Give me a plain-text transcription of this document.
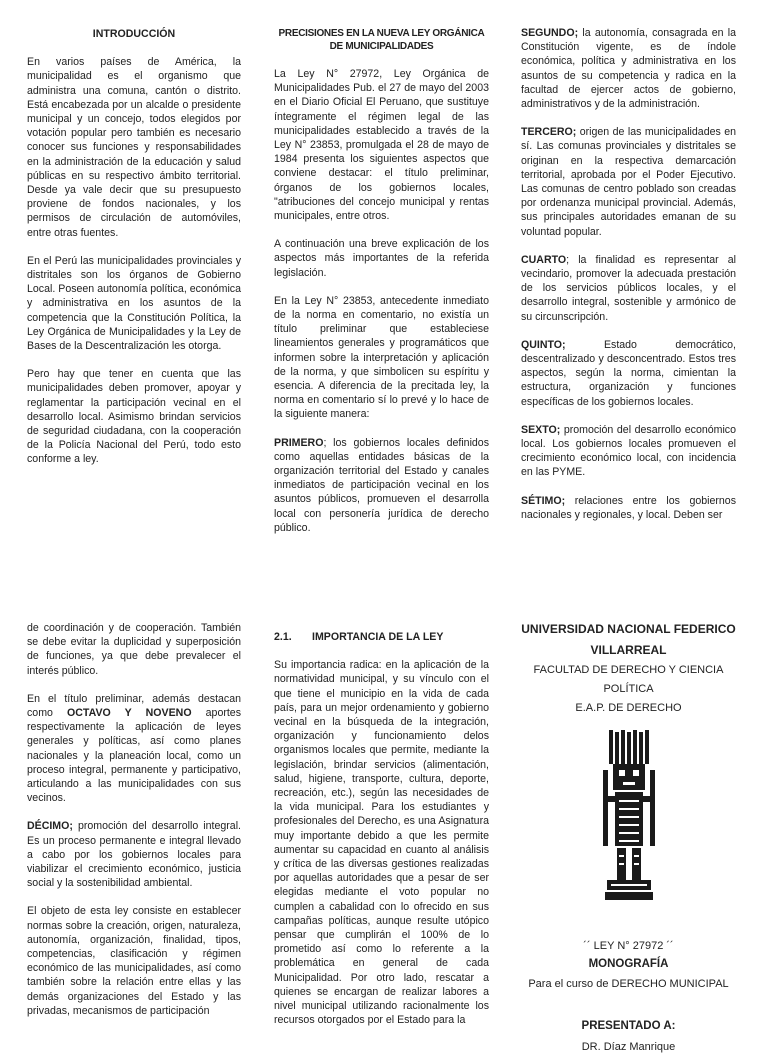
INTRODUCCIÓN

En varios países de América, la municipalidad es el organismo que administra una comuna, cantón o distrito. Está encabezada por un alcalde o presidente municipal y un concejo, todos elegidos por votación popular pero también es necesario conocer sus funciones y responsabilidades en la administración de la educación y salud públicas en su respectivo ámbito territorial. Desde ya vale decir que su presupuesto proviene de fondos nacionales, y los permisos de circulación de automóviles, entre otras fuentes.

En el Perú las municipalidades provinciales y distritales son los órganos de Gobierno Local. Poseen autonomía política, económica y administrativa en los asuntos de la competencia que la Constitución Política, la Ley Orgánica de Municipalidades y la Ley de Bases de la Descentralización les otorga.

Pero hay que tener en cuenta que las municipalidades deben promover, apoyar y reglamentar la participación vecinal en el desarrollo local. Asimismo brindan servicios de seguridad ciudadana, con la cooperación de la Policía Nacional del Perú, todo esto conforme a ley.

PRECISIONES EN LA NUEVA LEY ORGÁNICA DE MUNICIPALIDADES

La Ley N° 27972, Ley Orgánica de Municipalidades Pub. el 27 de mayo del 2003 en el Diario Oficial El Peruano, que sustituye íntegramente el régimen legal de las municipalidades establecido a través de la Ley N° 23853, promulgada el 28 de mayo de 1984 presenta los siguientes aspectos que conviene destacar: el título preliminar, órganos de los gobiernos locales, "atribuciones del concejo municipal y rentas municipales, entre otros.

A continuación una breve explicación de los aspectos más importantes de la referida legislación.

En la Ley N° 23853, antecedente inmediato de la norma en comentario, no existía un título preliminar que estableciese lineamientos generales y programáticos que informen sobre la interpretación y aplicación de la norma, y que simbolicen su espíritu y esencia. A diferencia de la precitada ley, la norma en comentario sí lo prevé y lo hace de la siguiente manera:

PRIMERO; los gobiernos locales definidos como aquellas entidades básicas de la organización territorial del Estado y canales inmediatos de participación vecinal en los asuntos públicos, promueven el desarrolla local con personería jurídica de derecho público.

SEGUNDO; la autonomía, consagrada en la Constitución vigente, es de índole económica, política y administrativa en los asuntos de su competencia y radica en la facultad de ejercer actos de gobierno, administrativos y de la administración.

TERCERO; origen de las municipalidades en sí. Las comunas provinciales y distritales se originan en la respectiva demarcación territorial, aprobada por el Poder Ejecutivo. Las comunas de centro poblado son creadas por ordenanza municipal provincial. Además, sus principales autoridades emanan de su voluntad popular.

CUARTO; la finalidad es representar al vecindario, promover la adecuada prestación de los servicios públicos locales, y el desarrollo integral, sostenible y armónico de su circunscripción.

QUINTO; Estado democrático, descentralizado y desconcentrado. Estos tres aspectos, según la norma, cimientan la estructura, organización y funciones específicas de los gobiernos locales.

SEXTO; promoción del desarrollo económico local. Los gobiernos locales promueven el crecimiento económico local, con incidencia en las PYME.

SÉTIMO; relaciones entre los gobiernos nacionales y regionales, y local. Deben ser

de coordinación y de cooperación. También se debe evitar la duplicidad y superposición de funciones, ya que debe prevalecer el interés público.

En el título preliminar, además destacan como OCTAVO Y NOVENO aportes respectivamente la aplicación de leyes generales y políticas, así como planes nacionales y la planeación local, como un proceso integral, permanente y participativo, articulando a las municipalidades con sus vecinos.

DÉCIMO; promoción del desarrollo integral. Es un proceso permanente e integral llevado a cabo por los gobiernos locales para viabilizar el crecimiento económico, justicia social y la sostenibilidad ambiental.

El objeto de esta ley consiste en establecer normas sobre la creación, origen, naturaleza, autonomía, organización, finalidad, tipos, competencias, clasificación y régimen económico de las municipalidades, así como también sobre la relación entre ellas y las demás organizaciones del Estado y las privadas, mecanismos de participación

2.1. IMPORTANCIA DE LA LEY

Su importancia radica: en la aplicación de la normatividad municipal, y su vínculo con el que tiene el municipio en la vida de cada país, para un mejor ordenamiento y gobierno vecinal en la búsqueda de la integración, organización y funcionamiento delos organismos locales que permite, mediante la legislación, brindar servicios (alimentación, salud, higiene, transporte, cultura, deporte, recreación, etc.), según las necesidades de la vida municipal. Para los estudiantes y profesionales del Derecho, es una Asignatura muy importante debido a que les permite aumentar su capacidad en cuanto al análisis y crítica de las diversas gestiones realizadas por aquellas autoridades que a pesar de ser elegidas mediante el voto popular no cumplen a cabalidad con lo ofrecido en sus campañas políticas, aunque resulte utópico pensar que cumplirán el 100% de lo prometido así como lo referente a la problemática en general de cada Municipalidad. Por otro lado, rescatar a quienes se encargan de realizar labores a nivel municipal utilizando racionalmente los recursos otorgados por el Estado para la

UNIVERSIDAD NACIONAL FEDERICO VILLARREAL
FACULTAD DE DERECHO Y CIENCIA POLÍTICA
E.A.P. DE DERECHO
´´ LEY N° 27972 ´´
MONOGRAFÍA
Para el curso de DERECHO MUNICIPAL
PRESENTADO A:
DR. Díaz Manrique
